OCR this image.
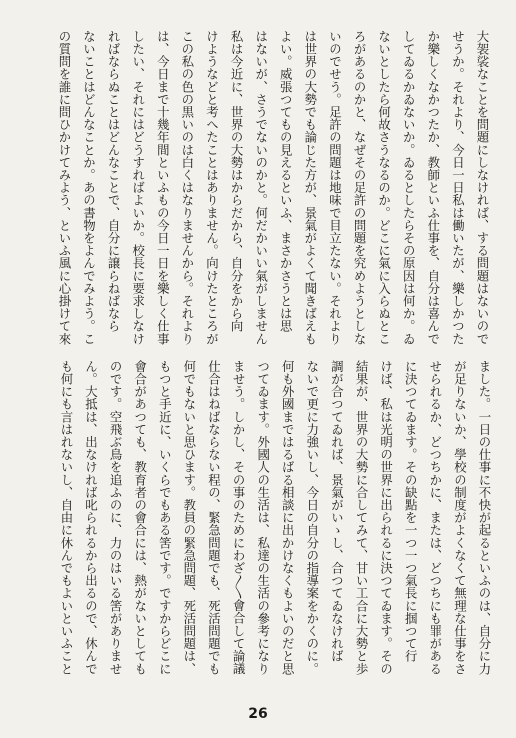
大袈裟なことを問題にしなければ、する問題はないので
せうか。それより、今日一日私は働いたが、樂しかつた
か樂しくなかつたか、教師といふ仕事を、自分は喜んで
してゐるかゐないか。ゐるとしたらその原因は何か。ゐ
ないとしたら何故さうなるのか。どこに氣に入らぬとこ
ろがあるのかと、なぜその足許の問題を究めようとしな
いのでせう。足許の問題は地味で目立たない。それより
は世界の大勢でも論じた方が、景氣がよくて聞きばえも
よい。威張つてもの見えるといふ、まさかさうとは思
はないが、さうでないのかと。何だかいい氣がしません
私は今近に、世界の大勢はからだから、自分をから向
けようなどと考へたことはありません。向けたところが
この私の色の黒いのは白くはなりませんから。それより
は、今日まで十幾年間といふもの今日一日を樂しく仕事
したい、それにはどうすればよいか。校長に要求しなけ
ればならぬことはどんなことで、自分に譲らねばなら
ないことはどんなことか。あの書物をよんでみよう。こ
の質問を誰に問ひかけてみよう、といふ風に心掛けて來
ました。一日の仕事に不快が起るといふのは、自分に力
が足りないか、學校の制度がよくなくて無理な仕事をさ
せられるか、どつちかに、または、どつちにも罪がある
に決つてゐます。その缺點を一つ一つ氣長に掴つて行
けば、私は光明の世界に出られるに決つてゐます。その
結果が、世界の大勢に合してみて、甘い工合に大勢と歩
調が合つてゐれば、景氣がいゝし、合つてゐなければ
ないで更に力強いし、今日の自分の指導案をかくのに。
何も外國まではるばる相談に出かけなくもよいのだと思
つてゐます。外國人の生活は、私達の生活の參考になり
ませう。しかし、その事のためにわざ〳〵會合して論議
仕合はねばならない程の、緊急問題でも、死活問題でも
何でもないと思ひます。教員の緊急問題、死活問題は、
もつと手近に、いくらでもある筈です。ですからどこに
會合があつても、教育者の會合には、熱がないとしても
のです。空飛ぶ鳥を追ふのに、力のはいる筈がありませ
ん。大抵は、出なければ叱られるから出るので、休んで
も何にも言はれないし、自由に休んでもよいといふこと
26
